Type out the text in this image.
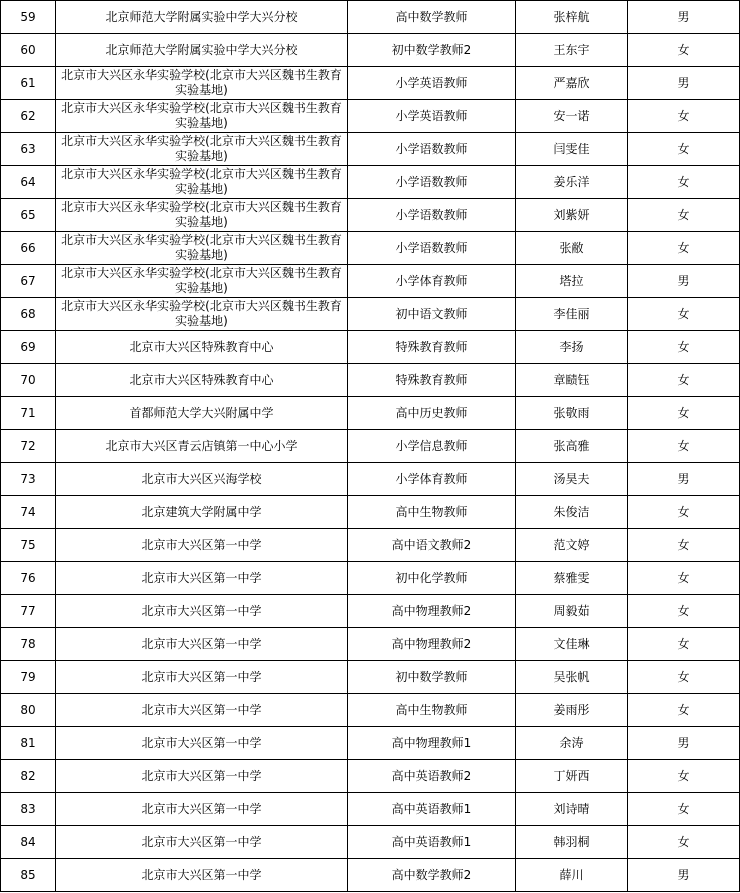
59	北京师范大学附属实验中学大兴分校	高中数学教师	张梓航	男
60	北京师范大学附属实验中学大兴分校	初中数学教师2	王东宇	女
61	北京市大兴区永华实验学校(北京市大兴区魏书生教育实验基地)	小学英语教师	严嘉欣	男
62	北京市大兴区永华实验学校(北京市大兴区魏书生教育实验基地)	小学英语教师	安一诺	女
63	北京市大兴区永华实验学校(北京市大兴区魏书生教育实验基地)	小学语数教师	闫雯佳	女
64	北京市大兴区永华实验学校(北京市大兴区魏书生教育实验基地)	小学语数教师	姜乐洋	女
65	北京市大兴区永华实验学校(北京市大兴区魏书生教育实验基地)	小学语数教师	刘紫妍	女
66	北京市大兴区永华实验学校(北京市大兴区魏书生教育实验基地)	小学语数教师	张敝	女
67	北京市大兴区永华实验学校(北京市大兴区魏书生教育实验基地)	小学体育教师	塔拉	男
68	北京市大兴区永华实验学校(北京市大兴区魏书生教育实验基地)	初中语文教师	李佳丽	女
69	北京市大兴区特殊教育中心	特殊教育教师	李扬	女
70	北京市大兴区特殊教育中心	特殊教育教师	章赜钰	女
71	首都师范大学大兴附属中学	高中历史教师	张敬雨	女
72	北京市大兴区青云店镇第一中心小学	小学信息教师	张高雅	女
73	北京市大兴区兴海学校	小学体育教师	汤昊夫	男
74	北京建筑大学附属中学	高中生物教师	朱俊洁	女
75	北京市大兴区第一中学	高中语文教师2	范文婷	女
76	北京市大兴区第一中学	初中化学教师	蔡雅雯	女
77	北京市大兴区第一中学	高中物理教师2	周毅茹	女
78	北京市大兴区第一中学	高中物理教师2	文佳琳	女
79	北京市大兴区第一中学	初中数学教师	吴张帆	女
80	北京市大兴区第一中学	高中生物教师	姜雨彤	女
81	北京市大兴区第一中学	高中物理教师1	余涛	男
82	北京市大兴区第一中学	高中英语教师2	丁妍西	女
83	北京市大兴区第一中学	高中英语教师1	刘诗晴	女
84	北京市大兴区第一中学	高中英语教师1	韩羽桐	女
85	北京市大兴区第一中学	高中数学教师2	薛川	男
